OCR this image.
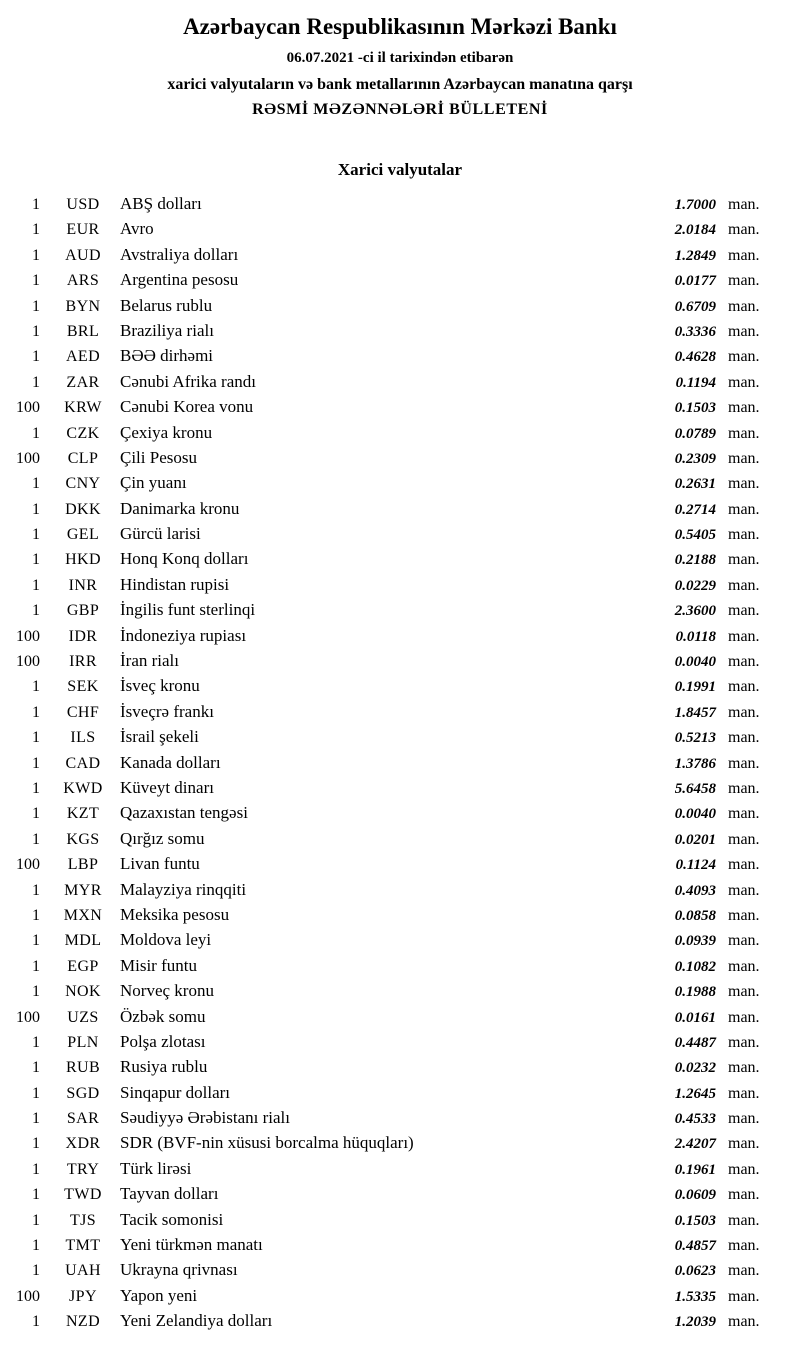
Azərbaycan Respublikasının Mərkəzi Bankı
06.07.2021 -ci il tarixindən etibarən
xarici valyutaların və bank metallarının Azərbaycan manatına qarşı
RƏSMİ MƏZƏNNƏLƏRİ BÜLLETENİ
Xarici valyutalar
1	USD	ABŞ dolları	1.7000 man.
1	EUR	Avro	2.0184 man.
1	AUD	Avstraliya dolları	1.2849 man.
1	ARS	Argentina pesosu	0.0177 man.
1	BYN	Belarus rublu	0.6709 man.
1	BRL	Braziliya rialı	0.3336 man.
1	AED	BƏƏ dirhəmi	0.4628 man.
1	ZAR	Cənubi Afrika randı	0.1194 man.
100	KRW	Cənubi Korea vonu	0.1503 man.
1	CZK	Çexiya kronu	0.0789 man.
100	CLP	Çili Pesosu	0.2309 man.
1	CNY	Çin yuanı	0.2631 man.
1	DKK	Danimarka kronu	0.2714 man.
1	GEL	Gürcü larisi	0.5405 man.
1	HKD	Honq Konq dolları	0.2188 man.
1	INR	Hindistan rupisi	0.0229 man.
1	GBP	İngilis funt sterlinqi	2.3600 man.
100	IDR	İndoneziya rupiası	0.0118 man.
100	IRR	İran rialı	0.0040 man.
1	SEK	İsveç kronu	0.1991 man.
1	CHF	İsveçrə frankı	1.8457 man.
1	ILS	İsrail şekeli	0.5213 man.
1	CAD	Kanada dolları	1.3786 man.
1	KWD	Küveyt dinarı	5.6458 man.
1	KZT	Qazaxıstan tengəsi	0.0040 man.
1	KGS	Qırğız somu	0.0201 man.
100	LBP	Livan funtu	0.1124 man.
1	MYR	Malayziya rinqqiti	0.4093 man.
1	MXN	Meksika pesosu	0.0858 man.
1	MDL	Moldova leyi	0.0939 man.
1	EGP	Misir funtu	0.1082 man.
1	NOK	Norveç kronu	0.1988 man.
100	UZS	Özbək somu	0.0161 man.
1	PLN	Polşa zlotası	0.4487 man.
1	RUB	Rusiya rublu	0.0232 man.
1	SGD	Sinqapur dolları	1.2645 man.
1	SAR	Səudiyyə Ərəbistanı rialı	0.4533 man.
1	XDR	SDR (BVF-nin xüsusi borcalma hüquqları)	2.4207 man.
1	TRY	Türk lirəsi	0.1961 man.
1	TWD	Tayvan dolları	0.0609 man.
1	TJS	Tacik somonisi	0.1503 man.
1	TMT	Yeni türkmən manatı	0.4857 man.
1	UAH	Ukrayna qrivnası	0.0623 man.
100	JPY	Yapon yeni	1.5335 man.
1	NZD	Yeni Zelandiya dolları	1.2039 man.
